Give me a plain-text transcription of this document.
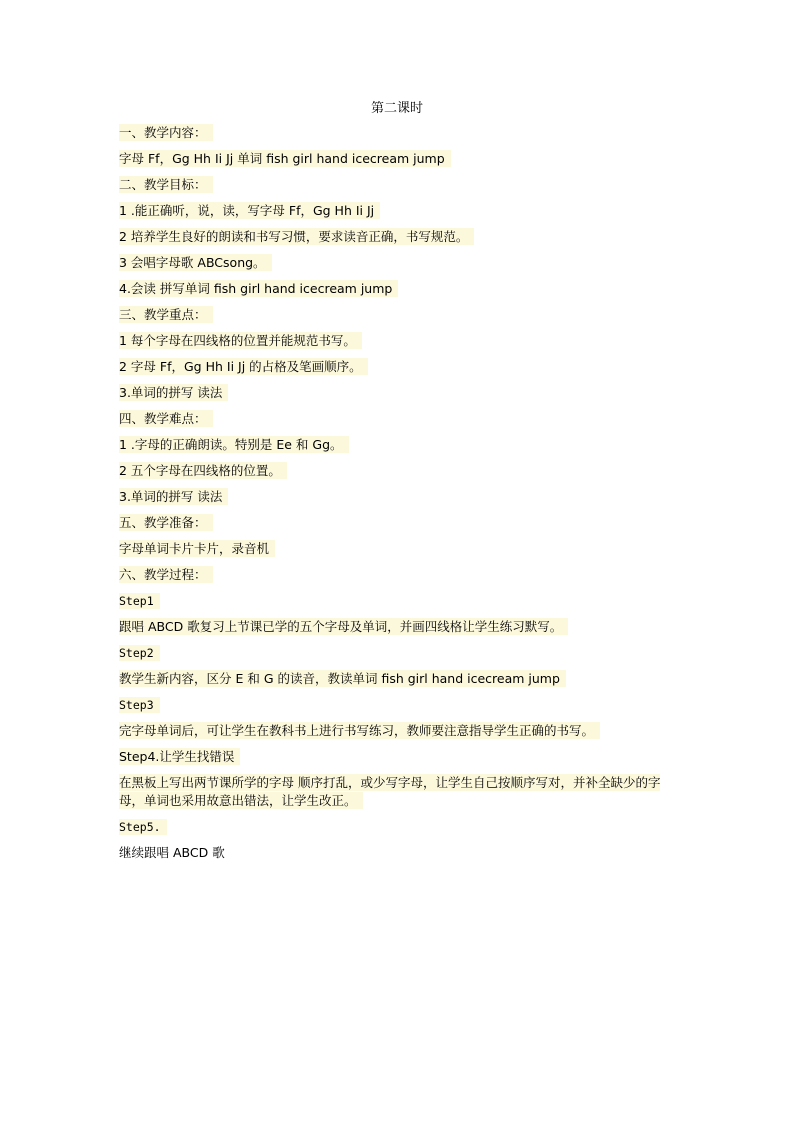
第二课时
一、教学内容：
字母 Ff，Gg Hh Ii Jj 单词 fish girl hand icecream jump
二、教学目标：
1 .能正确听，说，读，写字母 Ff，Gg Hh Ii Jj
2 培养学生良好的朗读和书写习惯，要求读音正确，书写规范。
3 会唱字母歌 ABCsong。
4.会读 拼写单词 fish girl hand icecream jump
三、教学重点：
1 每个字母在四线格的位置并能规范书写。
2 字母 Ff，Gg Hh Ii Jj 的占格及笔画顺序。
3.单词的拼写 读法
四、教学难点：
1 .字母的正确朗读。特别是 Ee 和 Gg。
2 五个字母在四线格的位置。
3.单词的拼写 读法
五、教学准备：
字母单词卡片卡片，录音机
六、教学过程：
Step1
跟唱 ABCD 歌复习上节课已学的五个字母及单词，并画四线格让学生练习默写。
Step2
教学生新内容，区分 E 和 G 的读音，教读单词 fish girl hand icecream jump
Step3
完字母单词后，可让学生在教科书上进行书写练习，教师要注意指导学生正确的书写。
Step4.让学生找错误
在黑板上写出两节课所学的字母 顺序打乱，或少写字母，让学生自己按顺序写对，并补全缺少的字母，单词也采用故意出错法，让学生改正。
Step5.
继续跟唱 ABCD 歌
